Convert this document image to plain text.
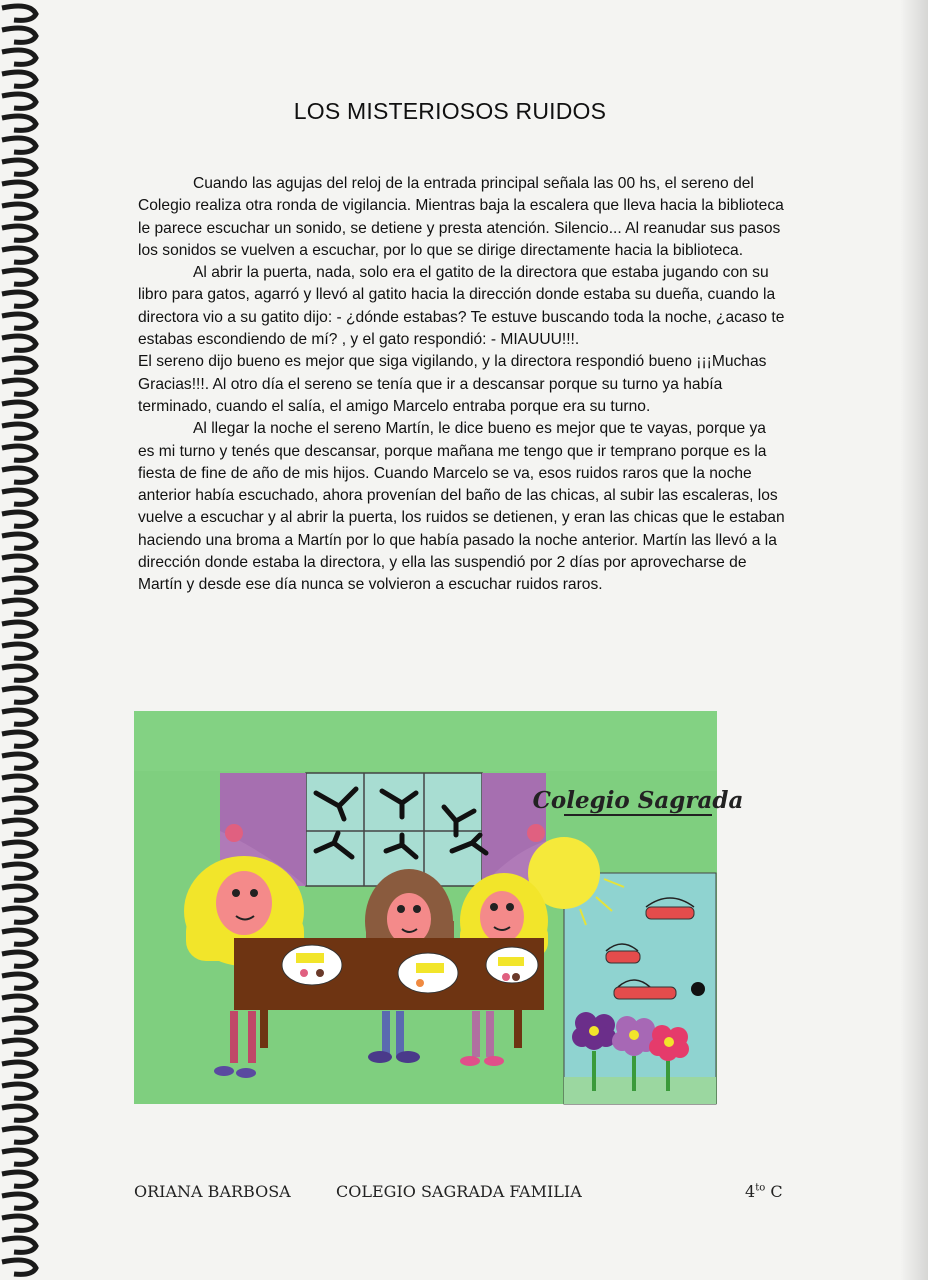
LOS MISTERIOSOS RUIDOS

Cuando las agujas del reloj de la entrada principal señala las 00 hs, el sereno del Colegio realiza otra ronda de vigilancia. Mientras baja la escalera que lleva hacia la biblioteca le parece escuchar un sonido, se detiene y presta atención. Silencio... Al reanudar sus pasos los sonidos se vuelven a escuchar, por lo que se dirige directamente hacia la biblioteca.

Al abrir la puerta, nada, solo era el gatito de la directora que estaba jugando con su libro para gatos, agarró y llevó al gatito hacia la dirección donde estaba su dueña, cuando la directora vio a su gatito dijo: - ¿dónde estabas? Te estuve buscando toda la noche, ¿acaso te estabas escondiendo de mí? , y el gato respondió: - MIAUUU!!!.

El sereno dijo bueno es mejor que siga vigilando, y la directora respondió bueno ¡¡¡Muchas Gracias!!!. Al otro día el sereno se tenía que ir a descansar porque su turno ya había terminado, cuando el salía, el amigo Marcelo entraba porque era su turno.

Al llegar la noche el sereno Martín, le dice bueno es mejor que te vayas, porque ya es mi turno y tenés que descansar, porque mañana me tengo que ir temprano porque es la fiesta de fine de año de mis hijos. Cuando Marcelo se va, esos ruidos raros que la noche anterior había escuchado, ahora provenían del baño de las chicas, al subir las escaleras, los vuelve a escuchar y al abrir la puerta, los ruidos se detienen, y eran las chicas que le estaban haciendo una broma a Martín por lo que había pasado la noche anterior. Martín las llevó a la dirección donde estaba la directora, y ella las suspendió por 2 días por aprovecharse de Martín y desde ese día nunca se volvieron a escuchar ruidos raros.

Colegio Sagrada
ORIANA BARBOSA	COLEGIO SAGRADA FAMILIA	$4^{to}$ C
